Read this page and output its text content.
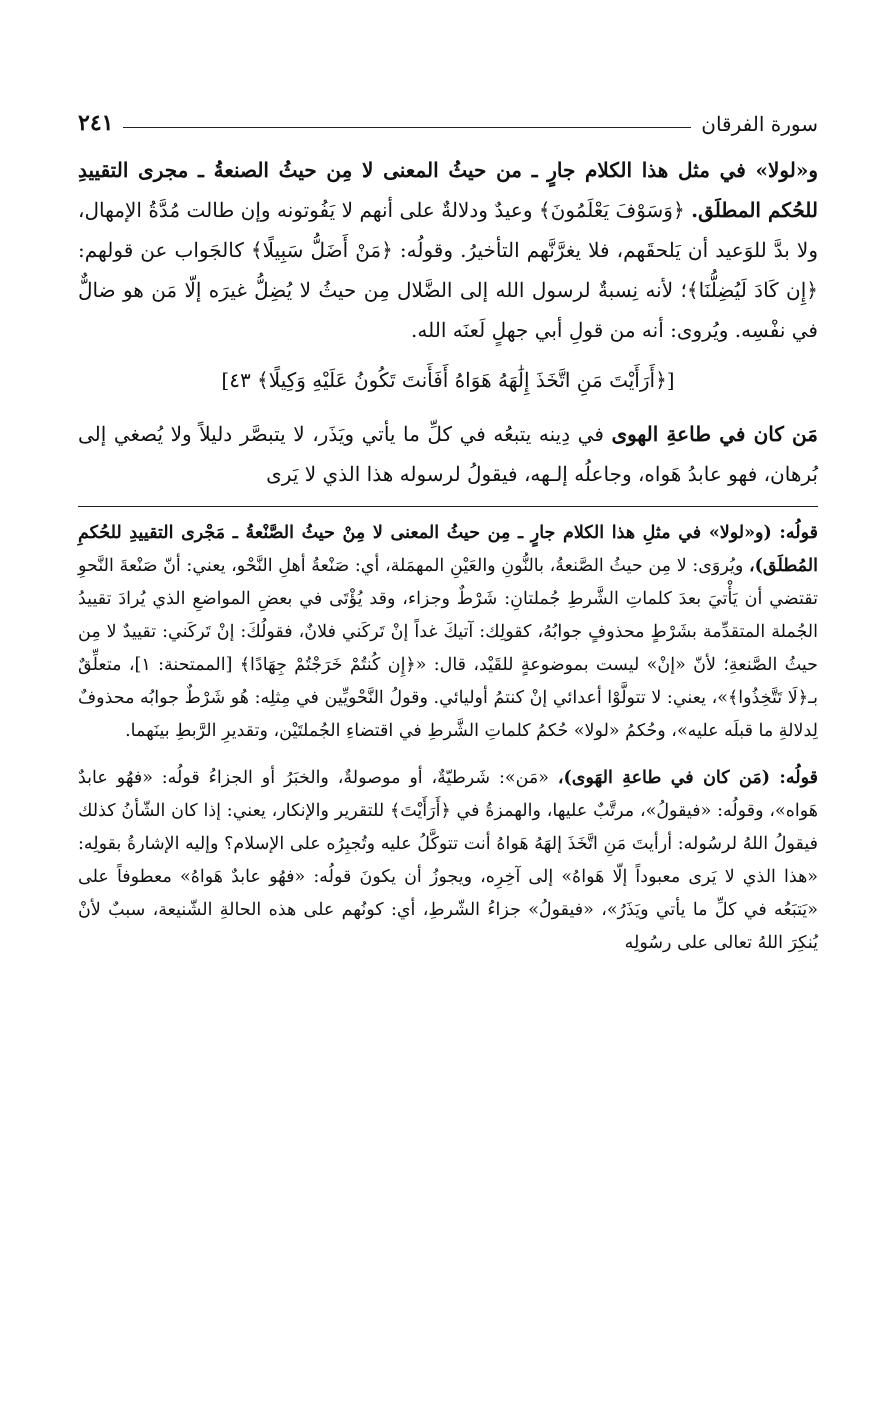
سورة الفرقان
٢٤١

و«لولا» في مثل هذا الكلام جارٍ ـ من حيثُ المعنى لا مِن حيثُ الصنعةُ ـ مجرى التقييدِ للحُكم المطلَق. ﴿وَسَوْفَ يَعْلَمُونَ﴾ وعيدٌ ودلالةٌ على أنهم لا يَفُوتونه وإن طالت مُدَّةُ الإمهال، ولا بدَّ للوَعيد أن يَلحقَهم، فلا يغرَّنَّهم التأخيرُ. وقولُه: ﴿مَنْ أَضَلُّ سَبِيلًا﴾ كالجَواب عن قولهم: ﴿إِن كَادَ لَيُضِلُّنَا﴾؛ لأنه نِسبةٌ لرسول الله إلى الضَّلال مِن حيثُ لا يُضِلُّ غيرَه إلّا مَن هو ضالٌّ في نفْسِه. ويُروى: أنه من قولِ أبي جهلٍ لَعنَه الله.

[﴿أَرَأَيْتَ مَنِ اتَّخَذَ إِلَٰهَهُ هَوَاهُ أَفَأَنتَ تَكُونُ عَلَيْهِ وَكِيلًا﴾ ٤٣]

مَن كان في طاعةِ الهوى في دِينه يتبعُه في كلِّ ما يأتي ويَذَر، لا يتبصَّر دليلاً ولا يُصغي إلى بُرهان، فهو عابدُ هَواه، وجاعلُه إلـهه، فيقولُ لرسوله هذا الذي لا يَرى

قولُه: (و«لولا» في مثلِ هذا الكلام جارٍ ـ مِن حيثُ المعنى لا مِنْ حيثُ الصَّنْعةُ ـ مَجْرى التقييدِ للحُكمِ المُطلَق)، ويُروَى: لا مِن حيثُ الصَّنعةُ، بالنُّونِ والعَيْنِ المهمَلة، أي: صَنْعةُ أهلِ النَّحْو، يعني: أنّ صَنْعةَ النَّحوِ تقتضي أن يَأْتيَ بعدَ كلماتِ الشَّرطِ جُملتانِ: شَرْطٌ وجزاء، وقد يُؤْتَى في بعضِ المواضعِ الذي يُرادَ تقييدُ الجُملة المتقدِّمة بشَرْطٍ محذوفٍ جوابُهُ، كقولِك: آتيكَ غداً إنْ تَركَني فلانٌ، فقولُكَ: إنْ تَركَني: تقييدٌ لا مِن حيثُ الصَّنعةِ؛ لأنّ «إنْ» ليست بموضوعةٍ للقَيْد، قال: «﴿إِن كُنتُمْ خَرَجْتُمْ جِهَادًا﴾ [الممتحنة: ١]، متعلِّقٌ بـ﴿لَا تَتَّخِذُوا﴾»، يعني: لا تتولَّوْا أعدائي إنْ كنتمُ أوليائي. وقولُ النَّحْويِّين في مِثلِه: هُو شَرْطٌ جوابُه محذوفٌ لِدلالةِ ما قبلَه عليه»، وحُكمُ «لولا» حُكمُ كلماتِ الشَّرطِ في اقتضاءِ الجُملتَيْن، وتقديرِ الرَّبطِ بينَهما.

قولُه: (مَن كان في طاعةِ الهَوى)، «مَن»: شَرطيّةٌ، أو موصولةٌ، والخبَرُ أو الجزاءُ قولُه: «فهُو عابدٌ هَواه»، وقولُه: «فيقولُ»، مرتَّبٌ عليها، والهمزةُ في ﴿أَرَأَيْتَ﴾ للتقرير والإنكار، يعني: إذا كان الشّأنُ كذلك فيقولُ اللهُ لرسُوله: أرأيتَ مَنِ اتَّخَذَ إلهَهُ هَواهُ أنت تتوكَّلُ عليه وتُجبِرُه على الإسلام؟ وإليه الإشارةُ بقولِه: «هذا الذي لا يَرى معبوداً إلّا هَواهُ» إلى آخِرِه، ويجوزُ أن يكونَ قولُه: «فهُو عابدٌ هَواهُ» معطوفاً على «يَتبَعُه في كلِّ ما يأتي ويَذَرُ»، «فيقولُ» جزاءُ الشّرطِ، أي: كونُهم على هذه الحالةِ الشّنيعة، سببٌ لأنْ يُنكِرَ اللهُ تعالى على رسُولِه
